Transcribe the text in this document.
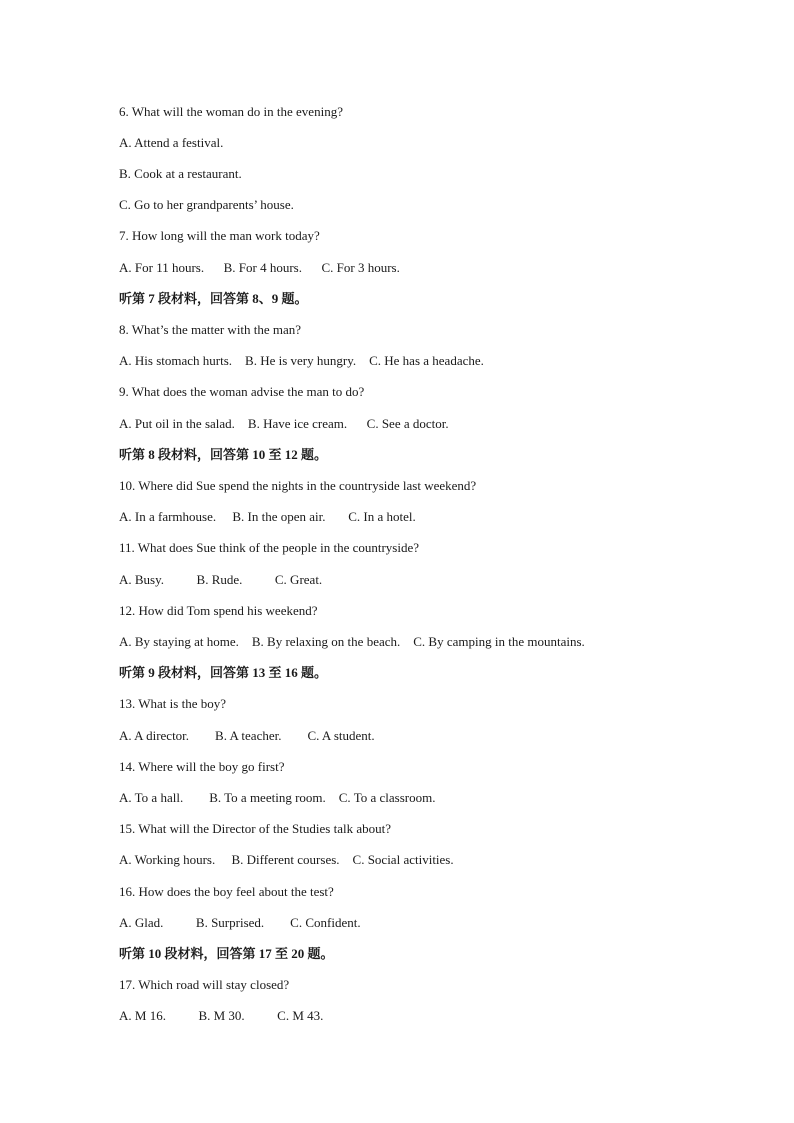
6. What will the woman do in the evening?
A. Attend a festival.
B. Cook at a restaurant.
C. Go to her grandparents’ house.
7. How long will the man work today?
A. For 11 hours.      B. For 4 hours.      C. For 3 hours.
听第 7 段材料，回答第 8、9 题。
8. What’s the matter with the man?
A. His stomach hurts.    B. He is very hungry.    C. He has a headache.
9. What does the woman advise the man to do?
A. Put oil in the salad.    B. Have ice cream.      C. See a doctor.
听第 8 段材料，回答第 10 至 12 题。
10. Where did Sue spend the nights in the countryside last weekend?
A. In a farmhouse.     B. In the open air.       C. In a hotel.
11. What does Sue think of the people in the countryside?
A. Busy.          B. Rude.          C. Great.
12. How did Tom spend his weekend?
A. By staying at home.    B. By relaxing on the beach.    C. By camping in the mountains.
听第 9 段材料，回答第 13 至 16 题。
13. What is the boy?
A. A director.        B. A teacher.        C. A student.
14. Where will the boy go first?
A. To a hall.        B. To a meeting room.    C. To a classroom.
15. What will the Director of the Studies talk about?
A. Working hours.     B. Different courses.    C. Social activities.
16. How does the boy feel about the test?
A. Glad.          B. Surprised.        C. Confident.
听第 10 段材料，回答第 17 至 20 题。
17. Which road will stay closed?
A. M 16.          B. M 30.          C. M 43.
